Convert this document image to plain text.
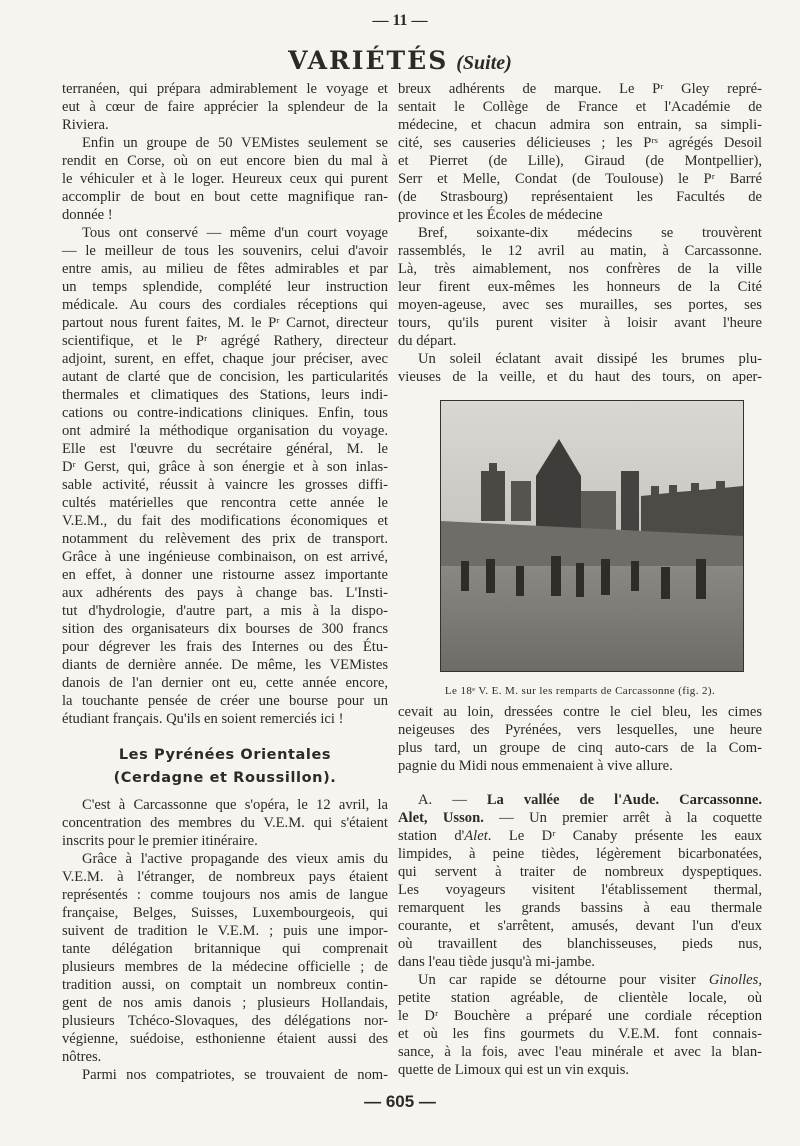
— 11 —
VARIÉTÉS (Suite)
terranéen, qui prépara admirablement le voyage et
eut à cœur de faire apprécier la splendeur de la
Riviera.
Enfin un groupe de 50 VEMistes seulement se
rendit en Corse, où on eut encore bien du mal à
le véhiculer et à le loger. Heureux ceux qui purent
accomplir de bout en bout cette magnifique ran-
donnée !
Tous ont conservé — même d'un court voyage
— le meilleur de tous les souvenirs, celui d'avoir
entre amis, au milieu de fêtes admirables et par
un temps splendide, complété leur instruction
médicale. Au cours des cordiales réceptions qui
partout nous furent faites, M. le Pʳ Carnot, directeur
scientifique, et le Pʳ agrégé Rathery, directeur
adjoint, surent, en effet, chaque jour préciser, avec
autant de clarté que de concision, les particularités
thermales et climatiques des Stations, leurs indi-
cations ou contre-indications cliniques. Enfin, tous
ont admiré la méthodique organisation du voyage.
Elle est l'œuvre du secrétaire général, M. le
Dʳ Gerst, qui, grâce à son énergie et à son inlas-
sable activité, réussit à vaincre les grosses diffi-
cultés matérielles que rencontra cette année le
V.E.M., du fait des modifications économiques et
notamment du relèvement des prix de transport.
Grâce à une ingénieuse combinaison, on est arrivé,
en effet, à donner une ristourne assez importante
aux adhérents des pays à change bas. L'Insti-
tut d'hydrologie, d'autre part, a mis à la dispo-
sition des organisateurs dix bourses de 300 francs
pour dégrever les frais des Internes ou des Étu-
diants de dernière année. De même, les VEMistes
danois de l'an dernier ont eu, cette année encore,
la touchante pensée de créer une bourse pour un
étudiant français. Qu'ils en soient remerciés ici !
Les Pyrénées Orientales
(Cerdagne et Roussillon).
C'est à Carcassonne que s'opéra, le 12 avril, la
concentration des membres du V.E.M. qui s'étaient
inscrits pour le premier itinéraire.
Grâce à l'active propagande des vieux amis du
V.E.M. à l'étranger, de nombreux pays étaient
représentés : comme toujours nos amis de langue
française, Belges, Suisses, Luxembourgeois, qui
suivent de tradition le V.E.M. ; puis une impor-
tante délégation britannique qui comprenait
plusieurs membres de la médecine officielle ; de
tradition aussi, on comptait un nombreux contin-
gent de nos amis danois ; plusieurs Hollandais,
plusieurs Tchéco-Slovaques, des délégations nor-
végienne, suédoise, esthonienne étaient aussi des
nôtres.
Parmi nos compatriotes, se trouvaient de nom-
breux adhérents de marque. Le Pʳ Gley repré-
sentait le Collège de France et l'Académie de
médecine, et chacun admira son entrain, sa simpli-
cité, ses causeries délicieuses ; les Pʳˢ agrégés Desoil
et Pierret (de Lille), Giraud (de Montpellier),
Serr et Melle, Condat (de Toulouse) le Pʳ Barré
(de Strasbourg) représentaient les Facultés de
province et les Écoles de médecine
Bref, soixante-dix médecins se trouvèrent
rassemblés, le 12 avril au matin, à Carcassonne.
Là, très aimablement, nos confrères de la ville
leur firent eux-mêmes les honneurs de la Cité
moyen-ageuse, avec ses murailles, ses portes, ses
tours, qu'ils purent visiter à loisir avant l'heure
du départ.
Un soleil éclatant avait dissipé les brumes plu-
vieuses de la veille, et du haut des tours, on aper-
Le 18ᵉ V. E. M. sur les remparts de Carcassonne (fig. 2).
cevait au loin, dressées contre le ciel bleu, les cimes
neigeuses des Pyrénées, vers lesquelles, une heure
plus tard, un groupe de cinq auto-cars de la Com-
pagnie du Midi nous emmenaient à vive allure.
A. — La vallée de l'Aude. Carcassonne.
Alet, Usson. — Un premier arrêt à la coquette
station d'Alet. Le Dʳ Canaby présente les eaux
limpides, à peine tièdes, légèrement bicarbonatées,
qui servent à traiter de nombreux dyspeptiques.
Les voyageurs visitent l'établissement thermal,
remarquent les grands bassins à eau thermale
courante, et s'arrêtent, amusés, devant l'un d'eux
où travaillent des blanchisseuses, pieds nus,
dans l'eau tiède jusqu'à mi-jambe.
Un car rapide se détourne pour visiter Ginolles,
petite station agréable, de clientèle locale, où
le Dʳ Bouchère a préparé une cordiale réception
et où les fins gourmets du V.E.M. font connais-
sance, à la fois, avec l'eau minérale et avec la blan-
quette de Limoux qui est un vin exquis.
— 605 —
